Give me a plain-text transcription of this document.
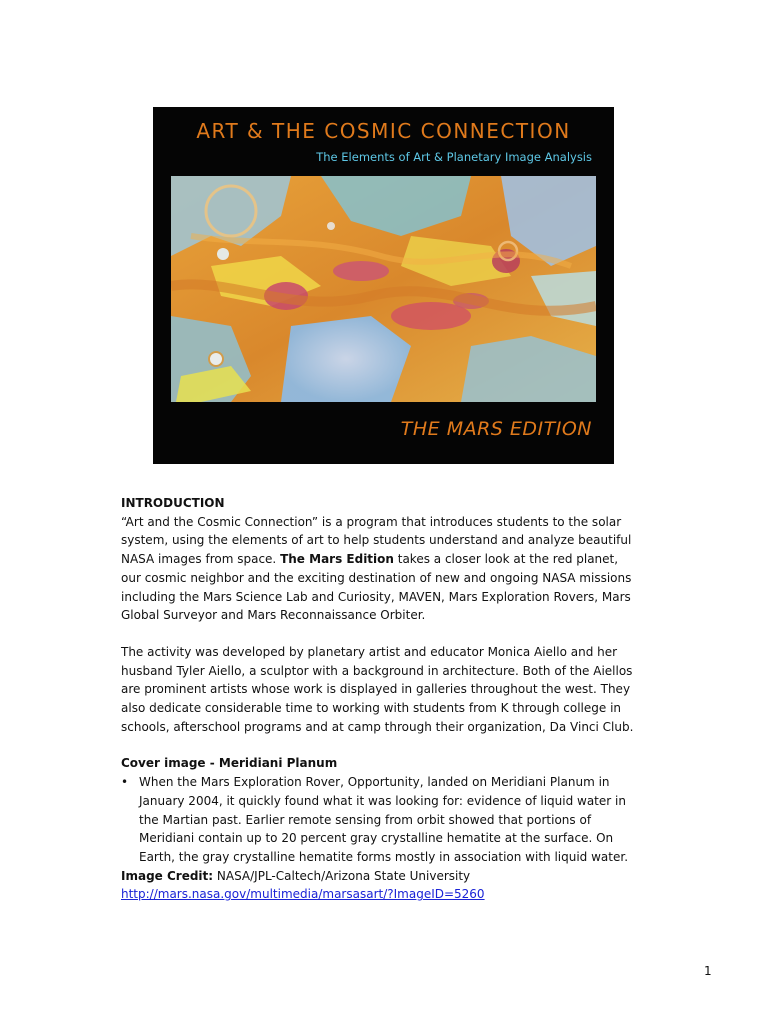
ART & THE COSMIC CONNECTION
The Elements of Art & Planetary Image Analysis
THE MARS EDITION

INTRODUCTION

“Art and the Cosmic Connection” is a program that introduces students to the solar system, using the elements of art to help students understand and analyze beautiful NASA images from space. The Mars Edition takes a closer look at the red planet, our cosmic neighbor and the exciting destination of new and ongoing NASA missions including the Mars Science Lab and Curiosity, MAVEN, Mars Exploration Rovers, Mars Global Surveyor and Mars Reconnaissance Orbiter.

The activity was developed by planetary artist and educator Monica Aiello and her husband Tyler Aiello, a sculptor with a background in architecture. Both of the Aiellos are prominent artists whose work is displayed in galleries throughout the west. They also dedicate considerable time to working with students from K through college in schools, afterschool programs and at camp through their organization, Da Vinci Club.

Cover image - Meridiani Planum

• When the Mars Exploration Rover, Opportunity, landed on Meridiani Planum in January 2004, it quickly found what it was looking for: evidence of liquid water in the Martian past. Earlier remote sensing from orbit showed that portions of Meridiani contain up to 20 percent gray crystalline hematite at the surface. On Earth, the gray crystalline hematite forms mostly in association with liquid water.

Image Credit: NASA/JPL-Caltech/Arizona State University

http://mars.nasa.gov/multimedia/marsasart/?ImageID=5260

1
